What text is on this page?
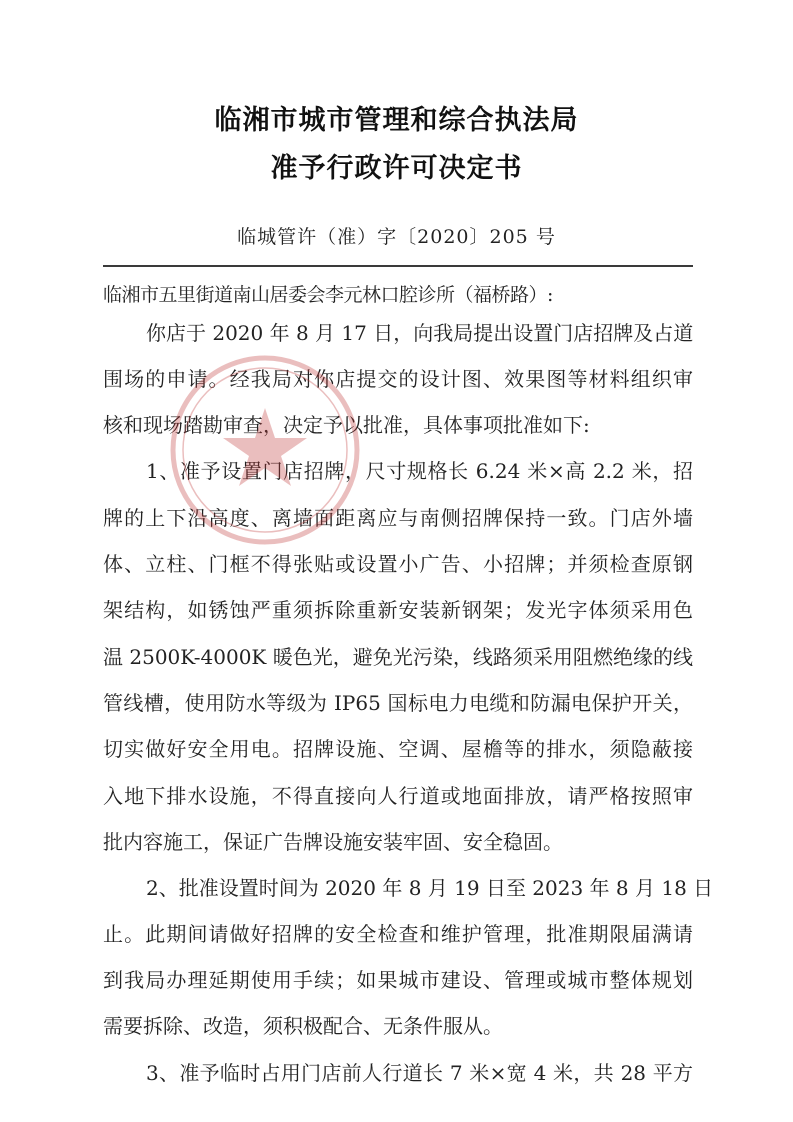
临湘市城市管理和综合执法局
准予行政许可决定书
临城管许（准）字〔2020〕205 号
临湘市五里街道南山居委会李元林口腔诊所（福桥路）:
你店于 2020 年 8 月 17 日，向我局提出设置门店招牌及占道
围场的申请。经我局对你店提交的设计图、效果图等材料组织审
核和现场踏勘审查，决定予以批准，具体事项批准如下:
1、准予设置门店招牌，尺寸规格长 6.24 米×高 2.2 米，招
牌的上下沿高度、离墙面距离应与南侧招牌保持一致。门店外墙
体、立柱、门框不得张贴或设置小广告、小招牌；并须检查原钢
架结构，如锈蚀严重须拆除重新安装新钢架；发光字体须采用色
温 2500K-4000K 暖色光，避免光污染，线路须采用阻燃绝缘的线
管线槽，使用防水等级为 IP65 国标电力电缆和防漏电保护开关，
切实做好安全用电。招牌设施、空调、屋檐等的排水，须隐蔽接
入地下排水设施，不得直接向人行道或地面排放，请严格按照审
批内容施工，保证广告牌设施安装牢固、安全稳固。
2、批准设置时间为 2020 年 8 月 19 日至 2023 年 8 月 18 日
止。此期间请做好招牌的安全检查和维护管理，批准期限届满请
到我局办理延期使用手续；如果城市建设、管理或城市整体规划
需要拆除、改造，须积极配合、无条件服从。
3、准予临时占用门店前人行道长 7 米×宽 4 米，共 28 平方
